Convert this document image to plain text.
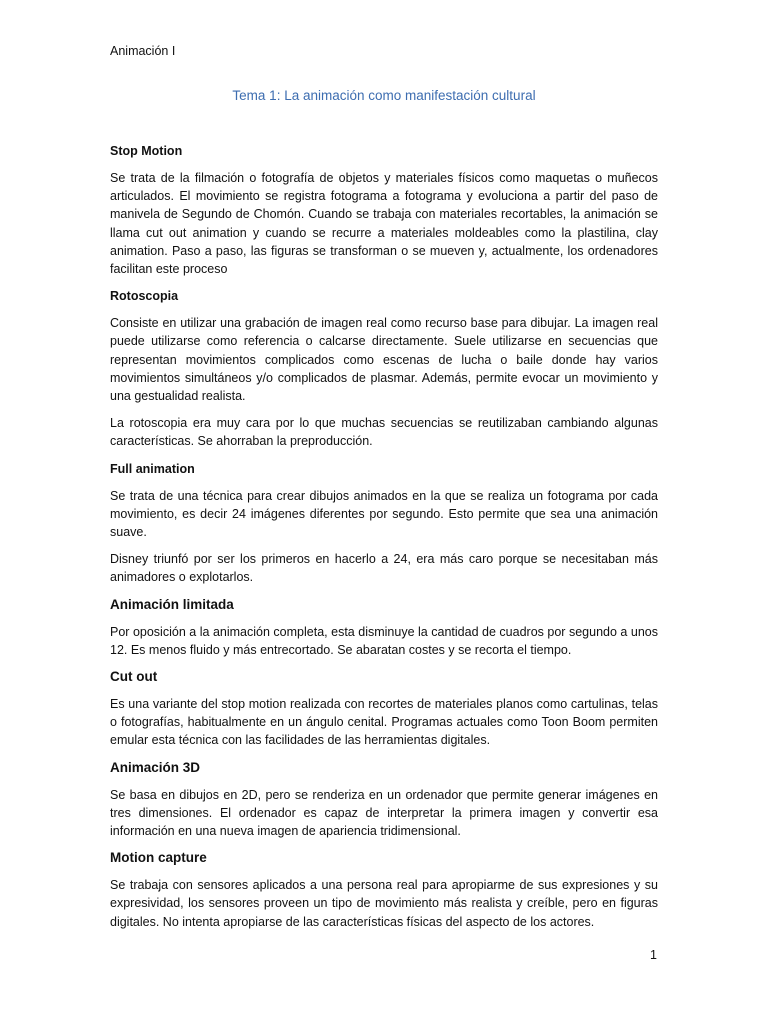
Animación I
Tema 1: La animación como manifestación cultural
Stop Motion

Se trata de la filmación o fotografía de objetos y materiales físicos como maquetas o muñecos articulados. El movimiento se registra fotograma a fotograma y evoluciona a partir del paso de manivela de Segundo de Chomón. Cuando se trabaja con materiales recortables, la animación se llama cut out animation y cuando se recurre a materiales moldeables como la plastilina, clay animation. Paso a paso, las figuras se transforman o se mueven y, actualmente, los ordenadores facilitan este proceso

Rotoscopia

Consiste en utilizar una grabación de imagen real como recurso base para dibujar. La imagen real puede utilizarse como referencia o calcarse directamente. Suele utilizarse en secuencias que representan movimientos complicados como escenas de lucha o baile donde hay varios movimientos simultáneos y/o complicados de plasmar. Además, permite evocar un movimiento y una gestualidad realista.

La rotoscopia era muy cara por lo que muchas secuencias se reutilizaban cambiando algunas características. Se ahorraban la preproducción.

Full animation

Se trata de una técnica para crear dibujos animados en la que se realiza un fotograma por cada movimiento, es decir 24 imágenes diferentes por segundo. Esto permite que sea una animación suave.

Disney triunfó por ser los primeros en hacerlo a 24, era más caro porque se necesitaban más animadores o explotarlos.

Animación limitada

Por oposición a la animación completa, esta disminuye la cantidad de cuadros por segundo a unos 12. Es menos fluido y más entrecortado. Se abaratan costes y se recorta el tiempo.

Cut out

Es una variante del stop motion realizada con recortes de materiales planos como cartulinas, telas o fotografías, habitualmente en un ángulo cenital. Programas actuales como Toon Boom permiten emular esta técnica con las facilidades de las herramientas digitales.

Animación 3D

Se basa en dibujos en 2D, pero se renderiza en un ordenador que permite generar imágenes en tres dimensiones. El ordenador es capaz de interpretar la primera imagen y convertir esa información en una nueva imagen de apariencia tridimensional.

Motion capture

Se trabaja con sensores aplicados a una persona real para apropiarme de sus expresiones y su expresividad, los sensores proveen un tipo de movimiento más realista y creíble, pero en figuras digitales. No intenta apropiarse de las características físicas del aspecto de los actores.

1
